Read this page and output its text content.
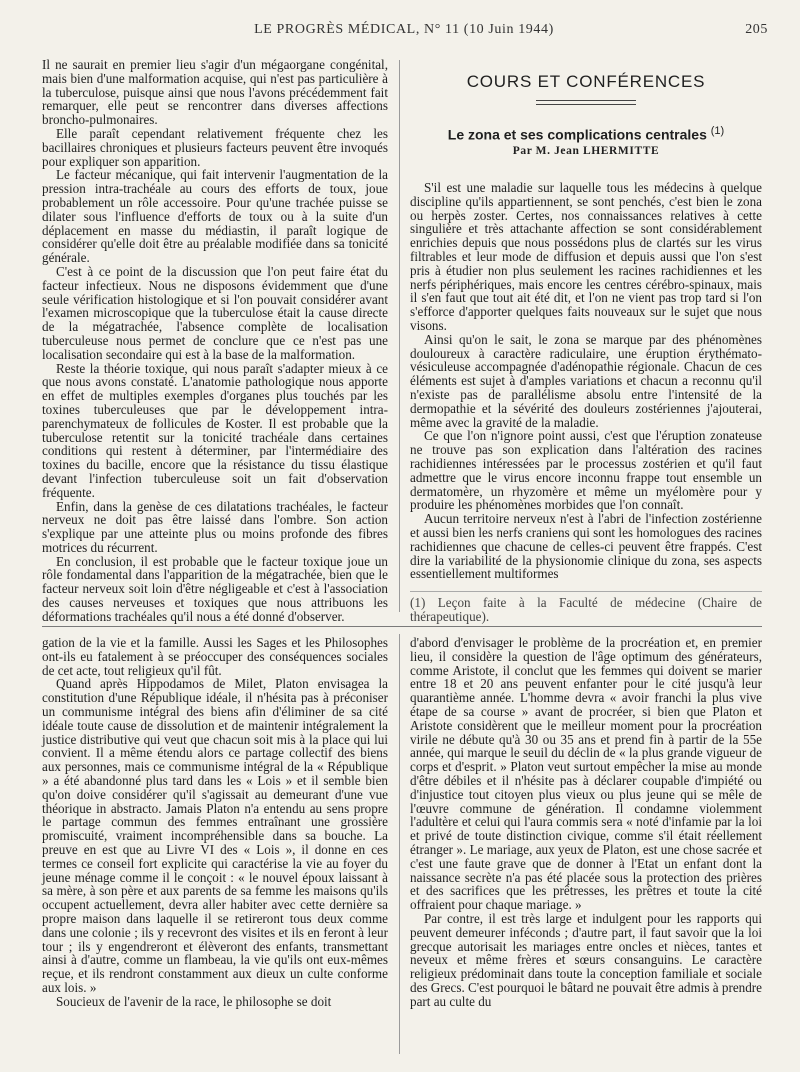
LE PROGRÈS MÉDICAL, N° 11 (10 Juin 1944)	205

Il ne saurait en premier lieu s'agir d'un mégaorgane congénital, mais bien d'une malformation acquise, qui n'est pas particulière à la tuberculose, puisque ainsi que nous l'avons précédemment fait remarquer, elle peut se rencontrer dans diverses affections broncho-pulmonaires.

Elle paraît cependant relativement fréquente chez les bacillaires chroniques et plusieurs facteurs peuvent être invoqués pour expliquer son apparition.

Le facteur mécanique, qui fait intervenir l'augmentation de la pression intra-trachéale au cours des efforts de toux, joue probablement un rôle accessoire. Pour qu'une trachée puisse se dilater sous l'influence d'efforts de toux ou à la suite d'un déplacement en masse du médiastin, il paraît logique de considérer qu'elle doit être au préalable modifiée dans sa tonicité générale.

C'est à ce point de la discussion que l'on peut faire état du facteur infectieux. Nous ne disposons évidemment que d'une seule vérification histologique et si l'on pouvait considérer avant l'examen microscopique que la tuberculose était la cause directe de la mégatrachée, l'absence complète de localisation tuberculeuse nous permet de conclure que ce n'est pas une localisation secondaire qui est à la base de la malformation.

Reste la théorie toxique, qui nous paraît s'adapter mieux à ce que nous avons constaté. L'anatomie pathologique nous apporte en effet de multiples exemples d'organes plus touchés par les toxines tuberculeuses que par le développement intra-parenchymateux de follicules de Koster. Il est probable que la tuberculose retentit sur la tonicité trachéale dans certaines conditions qui restent à déterminer, par l'intermédiaire des toxines du bacille, encore que la résistance du tissu élastique devant l'infection tuberculeuse soit un fait d'observation fréquente.

Enfin, dans la genèse de ces dilatations trachéales, le facteur nerveux ne doit pas être laissé dans l'ombre. Son action s'explique par une atteinte plus ou moins profonde des fibres motrices du récurrent.

En conclusion, il est probable que le facteur toxique joue un rôle fondamental dans l'apparition de la mégatrachée, bien que le facteur nerveux soit loin d'être négligeable et c'est à l'association des causes nerveuses et toxiques que nous attribuons les déformations trachéales qu'il nous a été donné d'observer.

COURS ET CONFÉRENCES
Le zona et ses complications centrales $^{(1)}$
Par M. Jean LHERMITTE

S'il est une maladie sur laquelle tous les médecins à quelque discipline qu'ils appartiennent, se sont penchés, c'est bien le zona ou herpès zoster. Certes, nos connaissances relatives à cette singulière et très attachante affection se sont considérablement enrichies depuis que nous possédons plus de clartés sur les virus filtrables et leur mode de diffusion et depuis aussi que l'on s'est pris à étudier non plus seulement les racines rachidiennes et les nerfs périphériques, mais encore les centres cérébro-spinaux, mais il s'en faut que tout ait été dit, et l'on ne vient pas trop tard si l'on s'efforce d'apporter quelques faits nouveaux sur le sujet que nous visons.

Ainsi qu'on le sait, le zona se marque par des phénomènes douloureux à caractère radiculaire, une éruption érythémato-vésiculeuse accompagnée d'adénopathie régionale. Chacun de ces éléments est sujet à d'amples variations et chacun a reconnu qu'il n'existe pas de parallélisme absolu entre l'intensité de la dermopathie et la sévérité des douleurs zostériennes j'ajouterai, même avec la gravité de la maladie.

Ce que l'on n'ignore point aussi, c'est que l'éruption zonateuse ne trouve pas son explication dans l'altération des racines rachidiennes intéressées par le processus zostérien et qu'il faut admettre que le virus encore inconnu frappe tout ensemble un dermatomère, un rhyzomère et même un myélomère pour y produire les phénomènes morbides que l'on connaît.

Aucun territoire nerveux n'est à l'abri de l'infection zostérienne et aussi bien les nerfs craniens qui sont les homologues des racines rachidiennes que chacune de celles-ci peuvent être frappés. C'est dire la variabilité de la physionomie clinique du zona, ses aspects essentiellement multiformes

(1) Leçon faite à la Faculté de médecine (Chaire de thérapeutique).

gation de la vie et la famille. Aussi les Sages et les Philosophes ont-ils eu fatalement à se préoccuper des conséquences sociales de cet acte, tout religieux qu'il fût.

Quand après Hippodamos de Milet, Platon envisagea la constitution d'une République idéale, il n'hésita pas à préconiser un communisme intégral des biens afin d'éliminer de sa cité idéale toute cause de dissolution et de maintenir intégralement la justice distributive qui veut que chacun soit mis à la place qui lui convient. Il a même étendu alors ce partage collectif des biens aux personnes, mais ce communisme intégral de la « République » a été abandonné plus tard dans les « Lois » et il semble bien qu'on doive considérer qu'il s'agissait au demeurant d'une vue théorique in abstracto. Jamais Platon n'a entendu au sens propre le partage commun des femmes entraînant une grossière promiscuité, vraiment incompréhensible dans sa bouche. La preuve en est que au Livre VI des « Lois », il donne en ces termes ce conseil fort explicite qui caractérise la vie au foyer du jeune ménage comme il le conçoit : « le nouvel époux laissant à sa mère, à son père et aux parents de sa femme les maisons qu'ils occupent actuellement, devra aller habiter avec cette dernière sa propre maison dans laquelle il se retireront tous deux comme dans une colonie ; ils y recevront des visites et ils en feront à leur tour ; ils y engendreront et élèveront des enfants, transmettant ainsi à d'autre, comme un flambeau, la vie qu'ils ont eux-mêmes reçue, et ils rendront constamment aux dieux un culte conforme aux lois. »

Soucieux de l'avenir de la race, le philosophe se doit

d'abord d'envisager le problème de la procréation et, en premier lieu, il considère la question de l'âge optimum des générateurs, comme Aristote, il conclut que les femmes qui doivent se marier entre 18 et 20 ans peuvent enfanter pour le cité jusqu'à leur quarantième année. L'homme devra « avoir franchi la plus vive étape de sa course » avant de procréer, si bien que Platon et Aristote considèrent que le meilleur moment pour la procréation virile ne débute qu'à 30 ou 35 ans et prend fin à partir de la 55e année, qui marque le seuil du déclin de « la plus grande vigueur de corps et d'esprit. » Platon veut surtout empêcher la mise au monde d'être débiles et il n'hésite pas à déclarer coupable d'impiété ou d'injustice tout citoyen plus vieux ou plus jeune qui se mêle de l'œuvre commune de génération. Il condamne violemment l'adultère et celui qui l'aura commis sera « noté d'infamie par la loi et privé de toute distinction civique, comme s'il était réellement étranger ». Le mariage, aux yeux de Platon, est une chose sacrée et c'est une faute grave que de donner à l'Etat un enfant dont la naissance secrète n'a pas été placée sous la protection des prières et des sacrifices que les prêtresses, les prêtres et toute la cité offraient pour chaque mariage. »

Par contre, il est très large et indulgent pour les rapports qui peuvent demeurer inféconds ; d'autre part, il faut savoir que la loi grecque autorisait les mariages entre oncles et nièces, tantes et neveux et même frères et sœurs consanguins. Le caractère religieux prédominait dans toute la conception familiale et sociale des Grecs. C'est pourquoi le bâtard ne pouvait être admis à prendre part au culte du
